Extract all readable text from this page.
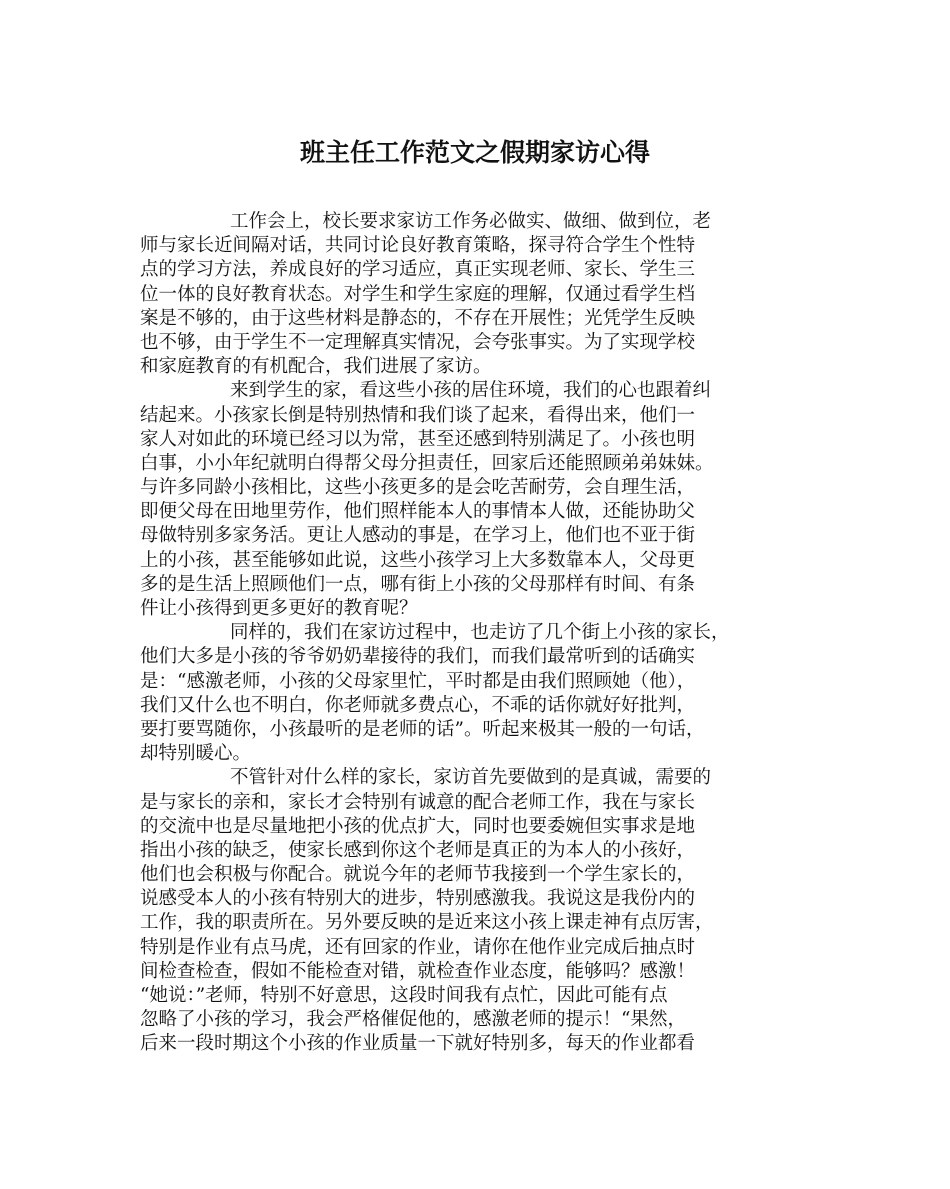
班主任工作范文之假期家访心得
工作会上，校长要求家访工作务必做实、做细、做到位，老
师与家长近间隔对话，共同讨论良好教育策略，探寻符合学生个性特
点的学习方法，养成良好的学习适应，真正实现老师、家长、学生三
位一体的良好教育状态。对学生和学生家庭的理解，仅通过看学生档
案是不够的，由于这些材料是静态的，不存在开展性；光凭学生反映
也不够，由于学生不一定理解真实情况，会夸张事实。为了实现学校
和家庭教育的有机配合，我们进展了家访。
来到学生的家，看这些小孩的居住环境，我们的心也跟着纠
结起来。小孩家长倒是特别热情和我们谈了起来，看得出来，他们一
家人对如此的环境已经习以为常，甚至还感到特别满足了。小孩也明
白事，小小年纪就明白得帮父母分担责任，回家后还能照顾弟弟妹妹。
与许多同龄小孩相比，这些小孩更多的是会吃苦耐劳，会自理生活，
即便父母在田地里劳作，他们照样能本人的事情本人做，还能协助父
母做特别多家务活。更让人感动的事是，在学习上，他们也不亚于街
上的小孩，甚至能够如此说，这些小孩学习上大多数靠本人，父母更
多的是生活上照顾他们一点，哪有街上小孩的父母那样有时间、有条
件让小孩得到更多更好的教育呢？
同样的，我们在家访过程中，也走访了几个街上小孩的家长，
他们大多是小孩的爷爷奶奶辈接待的我们，而我们最常听到的话确实
是：“感激老师，小孩的父母家里忙，平时都是由我们照顾她（他），
我们又什么也不明白，你老师就多费点心，不乖的话你就好好批判，
要打要骂随你，小孩最听的是老师的话”。听起来极其一般的一句话，
却特别暖心。
不管针对什么样的家长，家访首先要做到的是真诚，需要的
是与家长的亲和，家长才会特别有诚意的配合老师工作，我在与家长
的交流中也是尽量地把小孩的优点扩大，同时也要委婉但实事求是地
指出小孩的缺乏，使家长感到你这个老师是真正的为本人的小孩好，
他们也会积极与你配合。就说今年的老师节我接到一个学生家长的，
说感受本人的小孩有特别大的进步，特别感激我。我说这是我份内的
工作，我的职责所在。另外要反映的是近来这小孩上课走神有点厉害，
特别是作业有点马虎，还有回家的作业，请你在他作业完成后抽点时
间检查检查，假如不能检查对错，就检查作业态度，能够吗？感激！
“她说：”老师，特别不好意思，这段时间我有点忙，因此可能有点
忽略了小孩的学习，我会严格催促他的，感激老师的提示！“果然，
后来一段时期这个小孩的作业质量一下就好特别多，每天的作业都看
